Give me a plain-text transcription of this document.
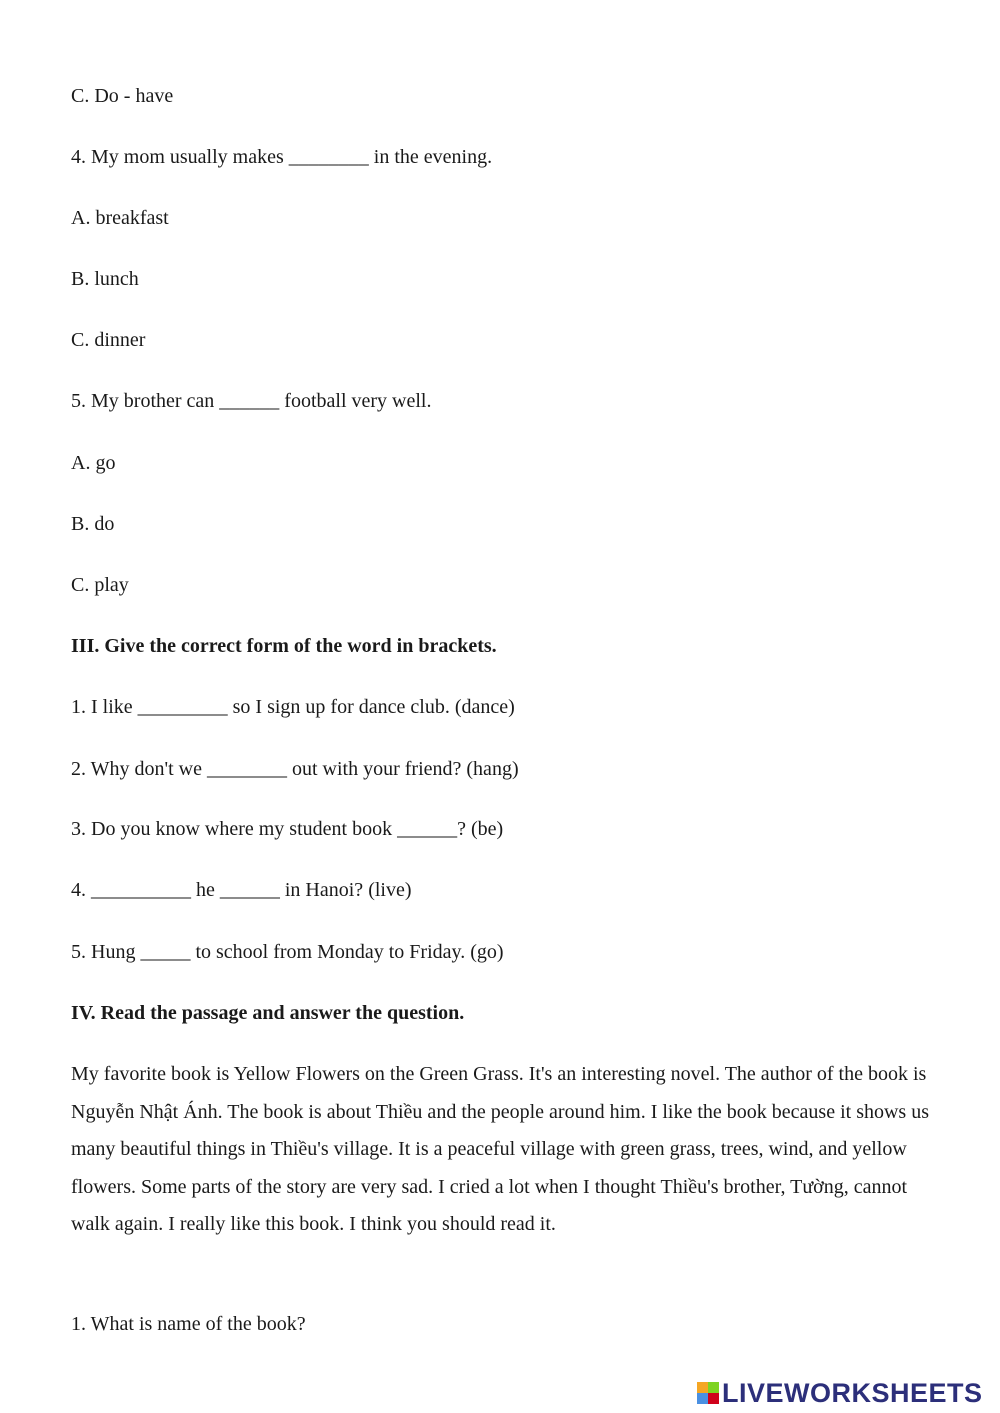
C. Do - have
4. My mom usually makes ________ in the evening.
A. breakfast
B. lunch
C. dinner
5. My brother can ______ football very well.
A. go
B. do
C. play
III. Give the correct form of the word in brackets.
1. I like _________ so I sign up for dance club. (dance)
2. Why don't we ________ out with your friend? (hang)
3. Do you know where my student book ______? (be)
4. __________ he ______ in Hanoi? (live)
5. Hung _____ to school from Monday to Friday. (go)
IV. Read the passage and answer the question.
My favorite book is Yellow Flowers on the Green Grass. It's an interesting novel. The author of the book is Nguyễn Nhật Ánh. The book is about Thiều and the people around him. I like the book because it shows us many beautiful things in Thiều's village. It is a peaceful village with green grass, trees, wind, and yellow flowers. Some parts of the story are very sad. I cried a lot when I thought Thiều's brother, Tường, cannot walk again. I really like this book. I think you should read it.
1. What is name of the book?
LIVEWORKSHEETS
